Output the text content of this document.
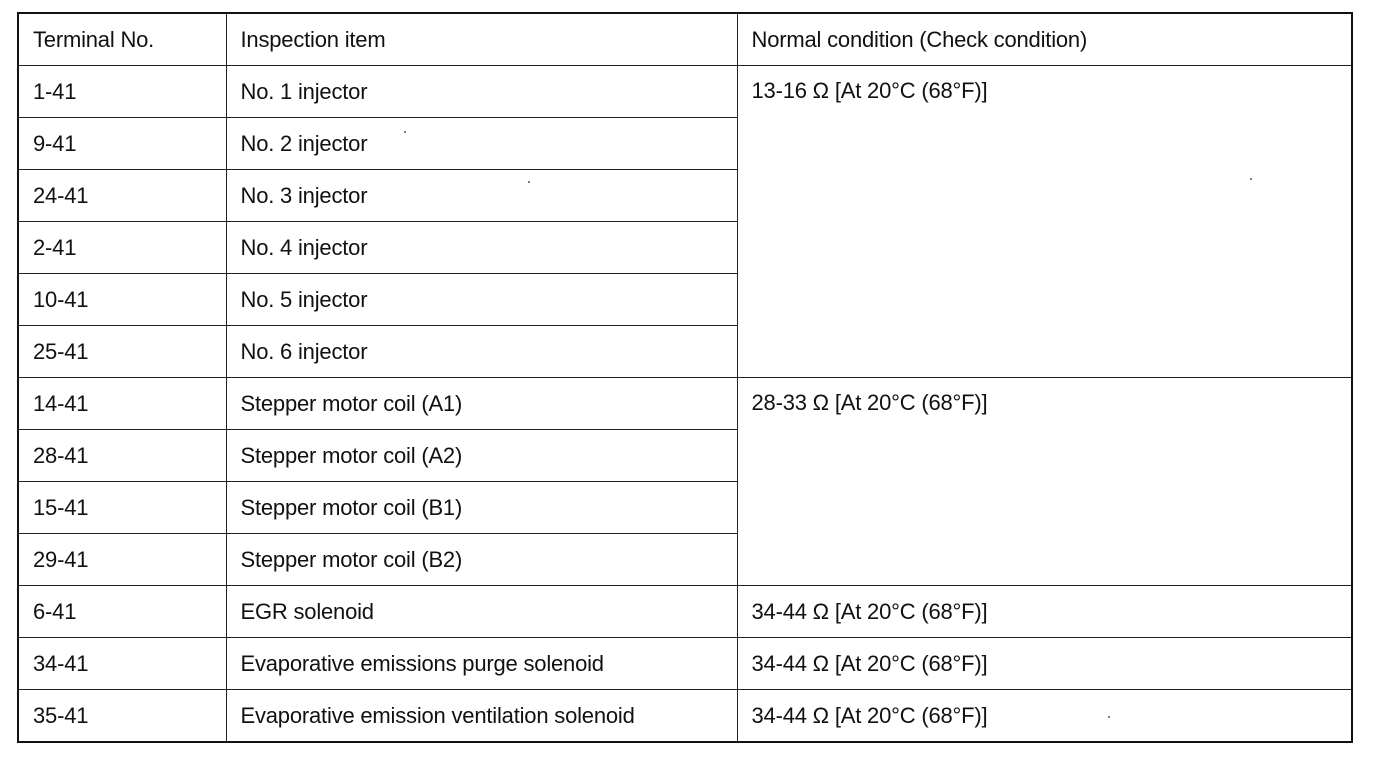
Terminal No.	Inspection item	Normal condition (Check condition)
1-41	No. 1 injector	13-16 Ω [At 20°C (68°F)]
9-41	No. 2 injector	
24-41	No. 3 injector	
2-41	No. 4 injector	
10-41	No. 5 injector	
25-41	No. 6 injector	
14-41	Stepper motor coil (A1)	28-33 Ω [At 20°C (68°F)]
28-41	Stepper motor coil (A2)	
15-41	Stepper motor coil (B1)	
29-41	Stepper motor coil (B2)	
6-41	EGR solenoid	34-44 Ω [At 20°C (68°F)]
34-41	Evaporative emissions purge solenoid	34-44 Ω [At 20°C (68°F)]
35-41	Evaporative emission ventilation solenoid	34-44 Ω [At 20°C (68°F)]
